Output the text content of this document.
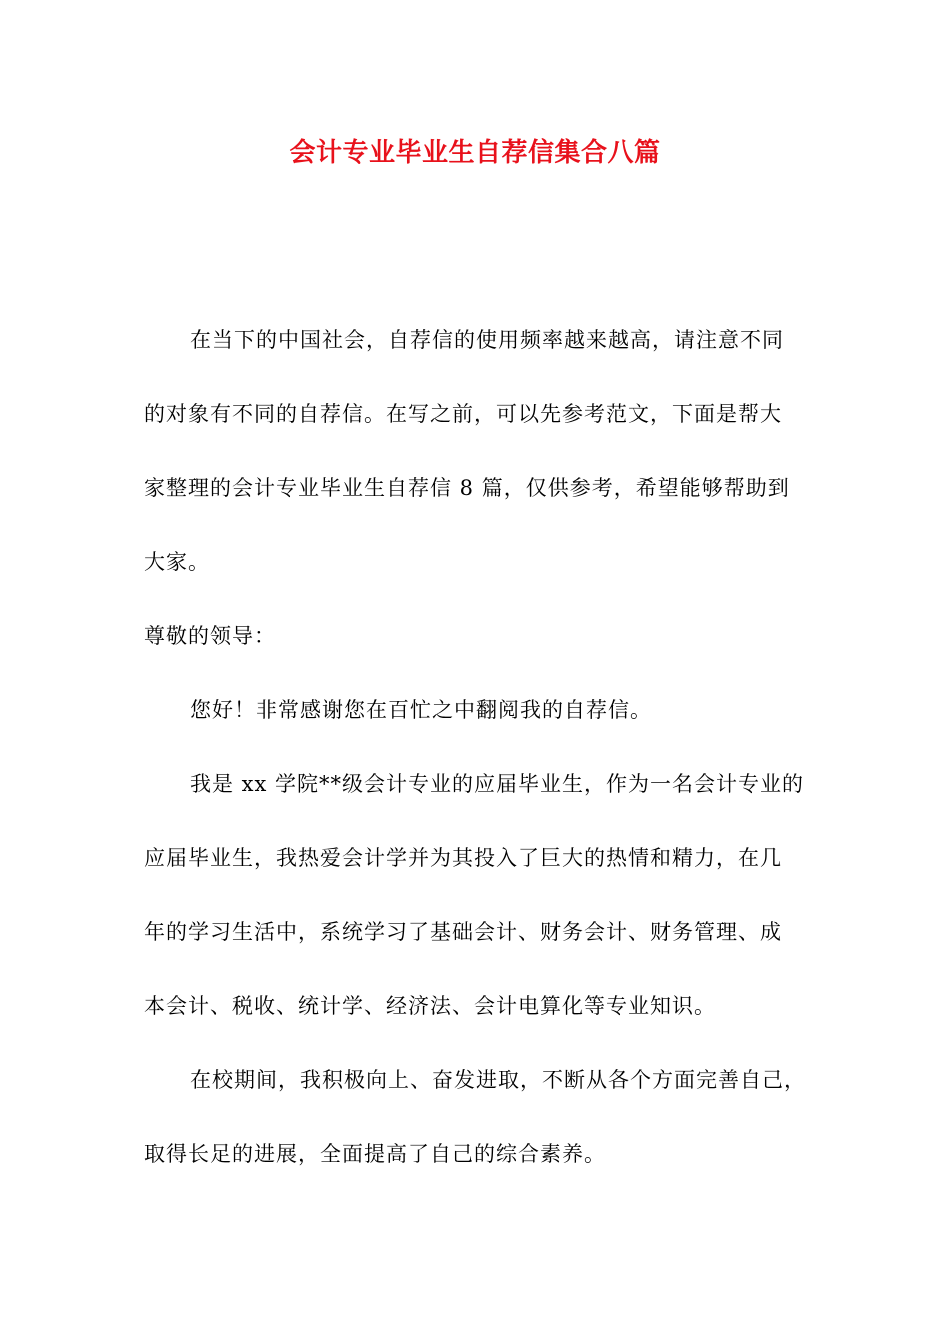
会计专业毕业生自荐信集合八篇
在当下的中国社会，自荐信的使用频率越来越高，请注意不同
的对象有不同的自荐信。在写之前，可以先参考范文，下面是帮大
家整理的会计专业毕业生自荐信 8 篇，仅供参考，希望能够帮助到
大家。
尊敬的领导：
您好！非常感谢您在百忙之中翻阅我的自荐信。
我是 xx 学院**级会计专业的应届毕业生，作为一名会计专业的
应届毕业生，我热爱会计学并为其投入了巨大的热情和精力，在几
年的学习生活中，系统学习了基础会计、财务会计、财务管理、成
本会计、税收、统计学、经济法、会计电算化等专业知识。
在校期间，我积极向上、奋发进取，不断从各个方面完善自己，
取得长足的进展，全面提高了自己的综合素养。
